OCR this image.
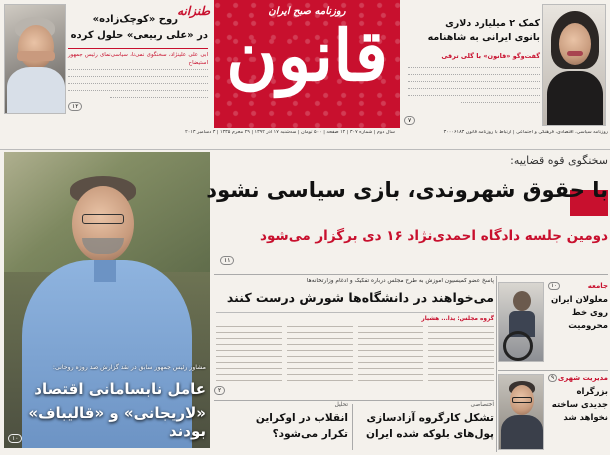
طنزانه
روح «کوچک‌زاده»
در «علی ربیعی» حلول کرده
ابی علی علینژاد، سخنگوی نمی‌نا، سیاسی‌نمای رئیس جمهور استیضاح
۱۲
روزنامه صبح ایران
قانون
سال دوم | شماره ۳۰۷ | ۱۲ صفحه | ۵۰۰ تومان | سه‌شنبه ۱۷ آذر ۱۳۹۲ | ۲۹ محرم ۱۴۳۵ | ۳ دسامبر ۲۰۱۳	روزنامه سیاسی، اقتصادی، فرهنگی و اجتماعی | ارتباط با روزنامه قانون ۳۰۰۰۶۱۸۳
کمک ۲ میلیارد دلاری
بانوی ایرانی به شاهنامه
گفت‌وگو «قانون» با گلی ترقی
۷
مشاور رئیس جمهور سابق در نقد گزارش صد روزه روحانی:
عامل نابسامانی اقتصاد
«لاریجانی» و «قالیباف» بودند
۱۰
سخنگوی قوه قضاییه:
با حقوق شهروندی، بازی سیاسی نشود
دومین جلسه دادگاه احمدی‌نژاد ۱۶ دی برگزار می‌شود
۱۱
پاسخ عضو کمیسیون آموزش به طرح مجلس درباره تفکیک و ادغام وزارتخانه‌ها
می‌خواهند در دانشگاه‌ها شورش درست کنند
گروه مجلس: یدا... هشیار
۲
اختصاصی
تشکل کارگروه آزادسازی
پول‌های بلوکه شده ایران
تحلیل
انقلاب در اوکراین
تکرار می‌شود؟
جامعه
۱۰
معلولان ایران روی خط محرومیت
مدیریت شهری
۹
بزرگراه جدیدی ساخته نخواهد شد
